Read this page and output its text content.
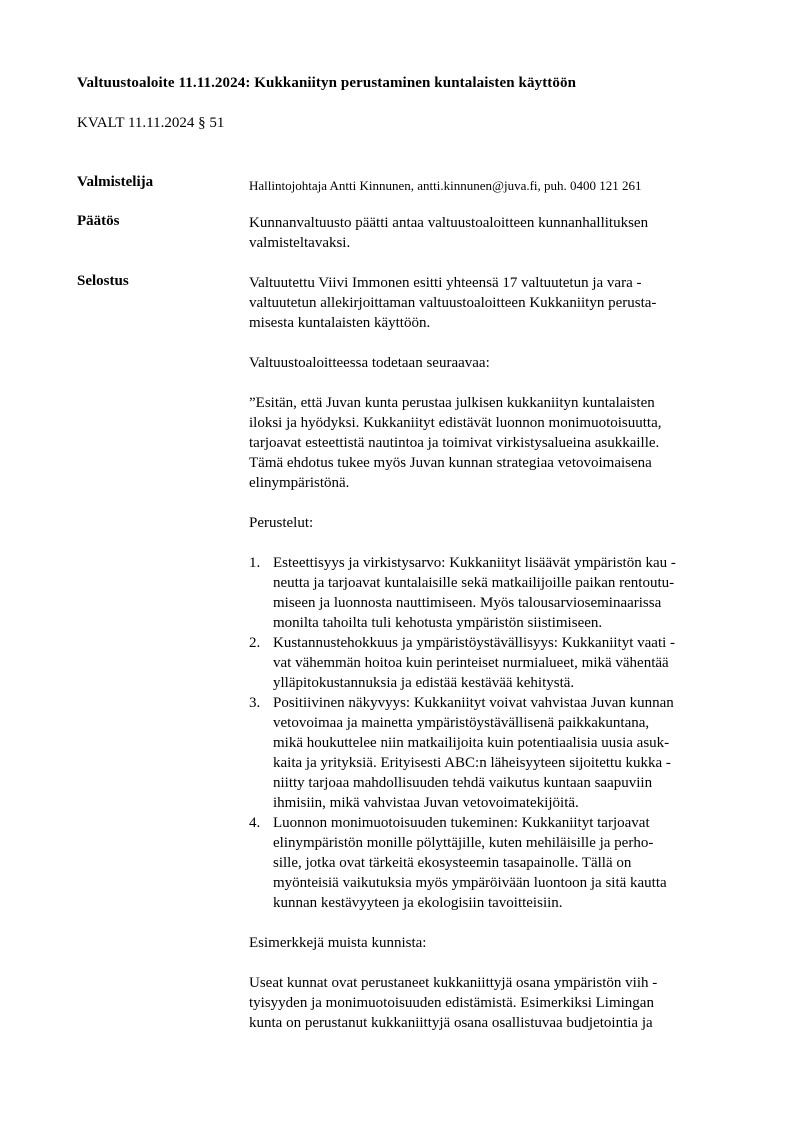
Valtuustoaloite 11.11.2024: Kukkaniityn perustaminen kuntalaisten käyttöön
KVALT 11.11.2024 § 51
Valmistelija	Hallintojohtaja Antti Kinnunen, antti.kinnunen@juva.fi, puh. 0400 121 261
Päätös	Kunnanvaltuusto päätti antaa valtuustoaloitteen kunnanhallituksen
valmisteltavaksi.

Selostus	Valtuutettu Viivi Immonen esitti yhteensä 17 valtuutetun ja vara -
valtuutetun allekirjoittaman valtuustoaloitteen Kukkaniityn perusta-
misesta kuntalaisten käyttöön.

Valtuustoaloitteessa todetaan seuraavaa:

”Esitän, että Juvan kunta perustaa julkisen kukkaniityn kuntalaisten
iloksi ja hyödyksi. Kukkaniityt edistävät luonnon monimuotoisuutta,
tarjoavat esteettistä nautintoa ja toimivat virkistysalueina asukkaille.
Tämä ehdotus tukee myös Juvan kunnan strategiaa vetovoimaisena
elinympäristönä.

Perustelut:

1. Esteettisyys ja virkistysarvo: Kukkaniityt lisäävät ympäristön kau -
neutta ja tarjoavat kuntalaisille sekä matkailijoille paikan rentoutu-
miseen ja luonnosta nauttimiseen. Myös talousarvioseminaarissa
monilta tahoilta tuli kehotusta ympäristön siistimiseen.
2. Kustannustehokkuus ja ympäristöystävällisyys: Kukkaniityt vaati -
vat vähemmän hoitoa kuin perinteiset nurmialueet, mikä vähentää
ylläpitokustannuksia ja edistää kestävää kehitystä.
3. Positiivinen näkyvyys: Kukkaniityt voivat vahvistaa Juvan kunnan
vetovoimaa ja mainetta ympäristöystävällisenä paikkakuntana,
mikä houkuttelee niin matkailijoita kuin potentiaalisia uusia asuk-
kaita ja yrityksiä. Erityisesti ABC:n läheisyyteen sijoitettu kukka -
niitty tarjoaa mahdollisuuden tehdä vaikutus kuntaan saapuviin
ihmisiin, mikä vahvistaa Juvan vetovoimatekijöitä.
4. Luonnon monimuotoisuuden tukeminen: Kukkaniityt tarjoavat
elinympäristön monille pölyttäjille, kuten mehiläisille ja perho-
sille, jotka ovat tärkeitä ekosysteemin tasapainolle. Tällä on
myönteisiä vaikutuksia myös ympäröivään luontoon ja sitä kautta
kunnan kestävyyteen ja ekologisiin tavoitteisiin.

Esimerkkejä muista kunnista:

Useat kunnat ovat perustaneet kukkaniittyjä osana ympäristön viih -
tyisyyden ja monimuotoisuuden edistämistä. Esimerkiksi Limingan
kunta on perustanut kukkaniittyjä osana osallistuvaa budjetointia ja
